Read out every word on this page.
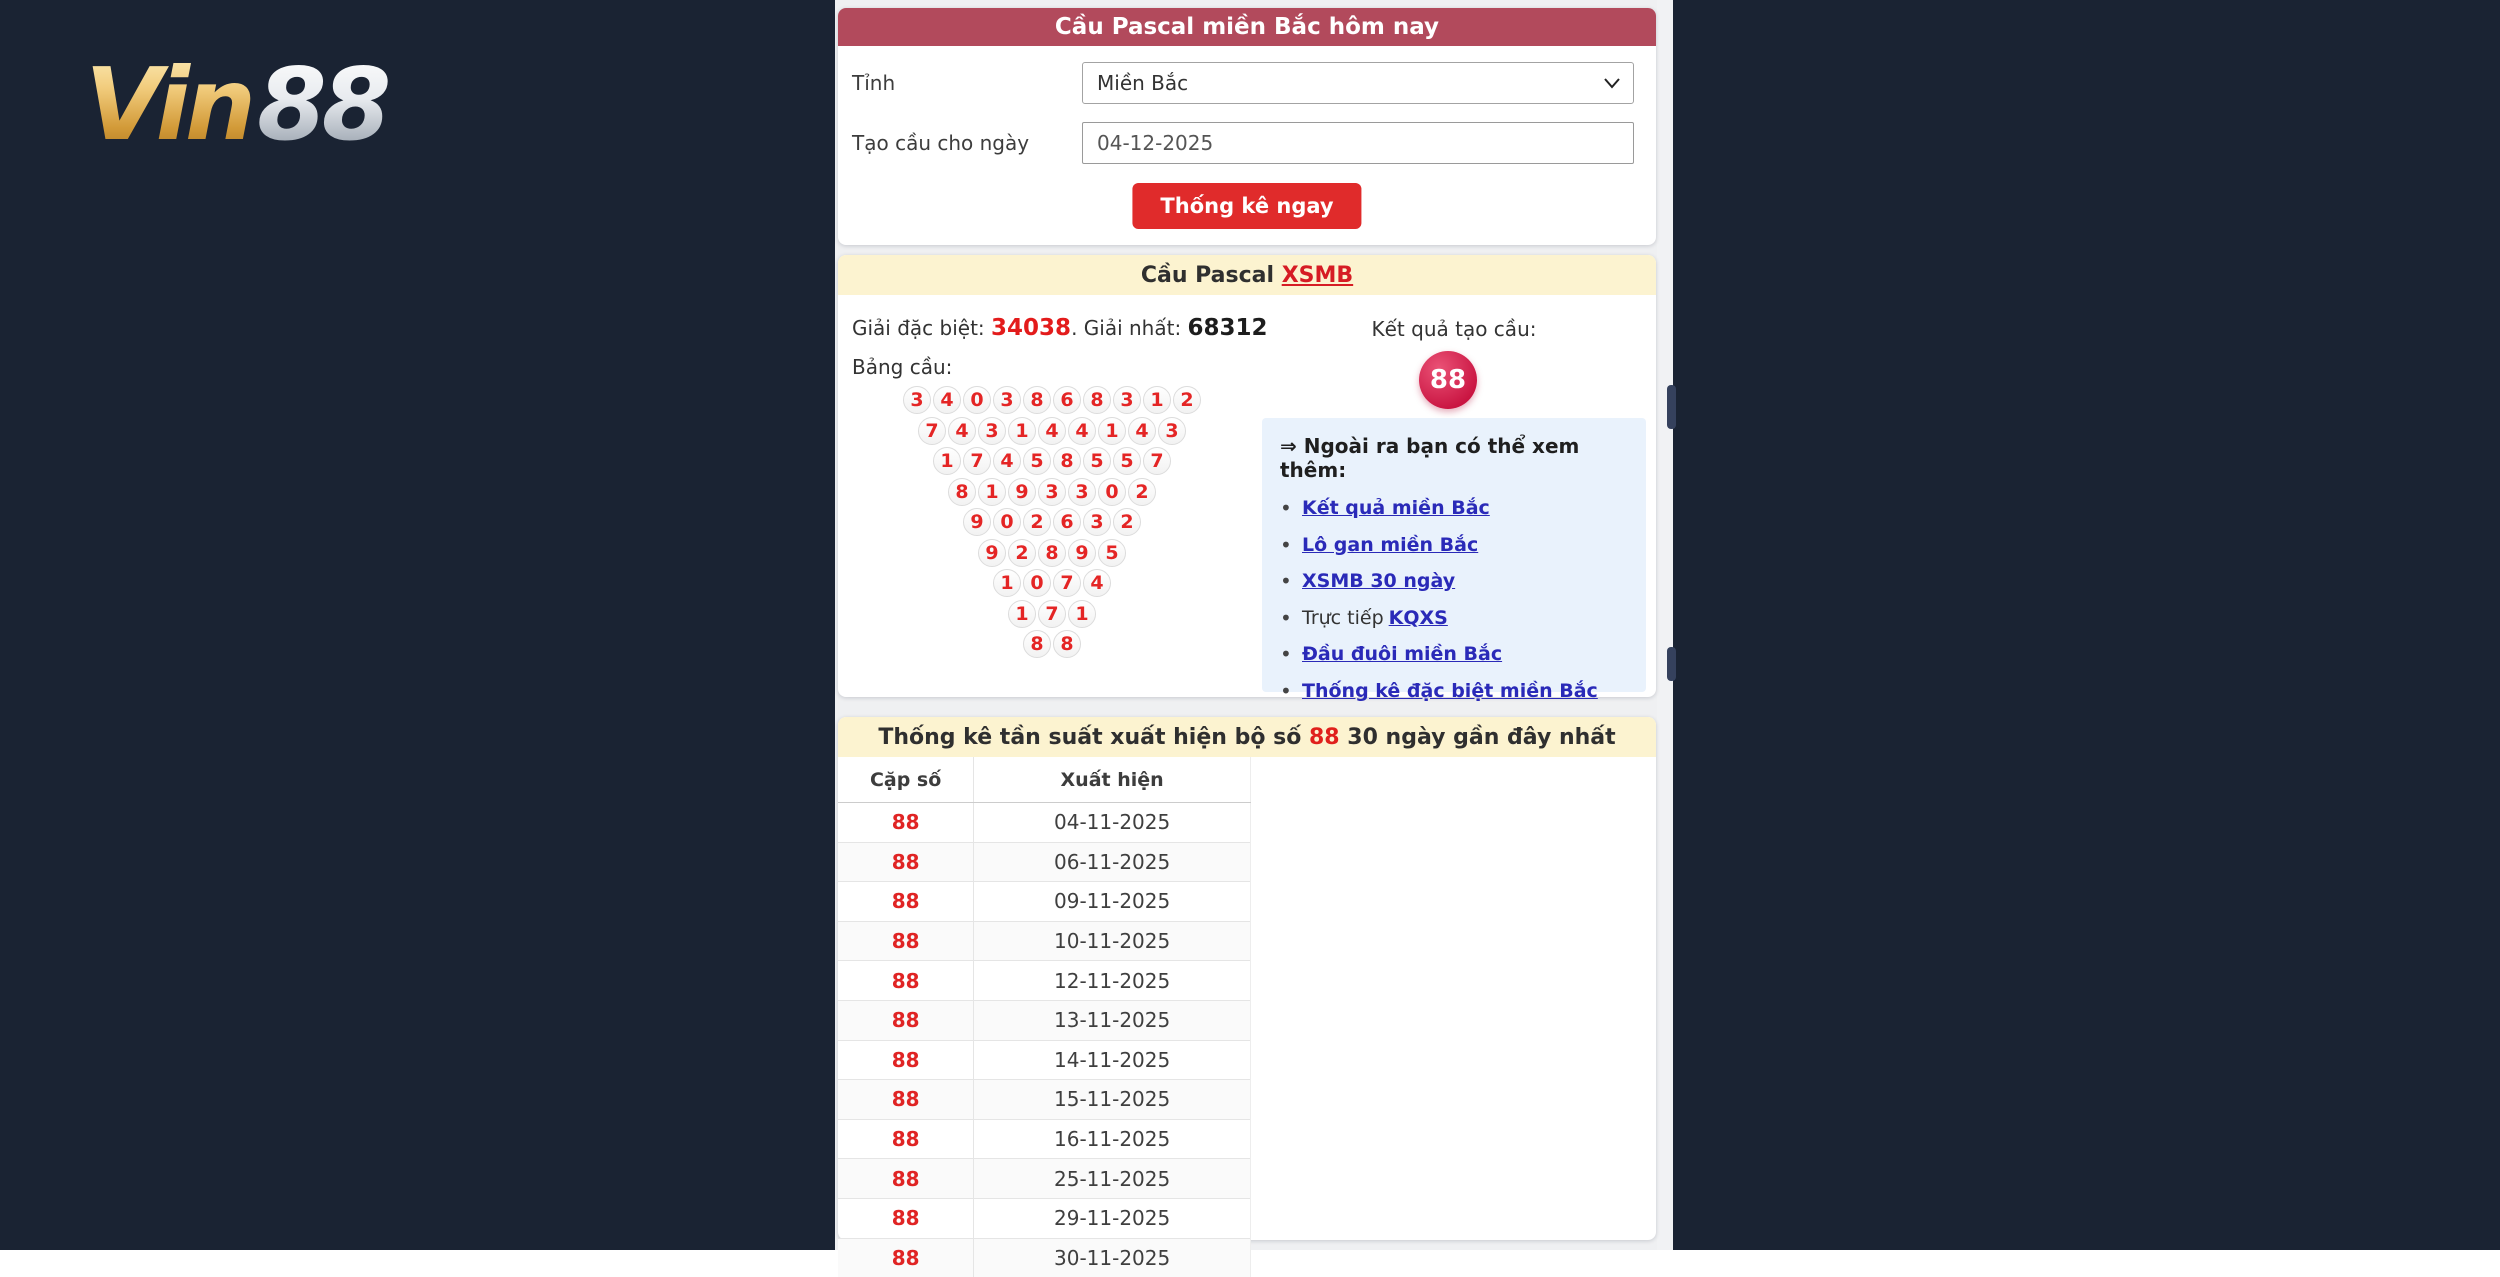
Vin88
Cầu Pascal miền Bắc hôm nay
Tỉnh
Miền Bắc
Tạo cầu cho ngày
04-12-2025
Thống kê ngay
Cầu Pascal XSMB
Giải đặc biệt: 34038. Giải nhất: 68312
Bảng cầu:
3 4 0 3 8 6 8 3 1 2
7 4 3 1 4 4 1 4 3
1 7 4 5 8 5 5 7
8 1 9 3 3 0 2
9 0 2 6 3 2
9 2 8 9 5
1 0 7 4
1 7 1
8 8
Kết quả tạo cầu:
88
⇒ Ngoài ra bạn có thể xem thêm:
• Kết quả miền Bắc
• Lô gan miền Bắc
• XSMB 30 ngày
• Trực tiếp KQXS
• Đầu đuôi miền Bắc
• Thống kê đặc biệt miền Bắc
Thống kê tần suất xuất hiện bộ số 88 30 ngày gần đây nhất
Cặp số	Xuất hiện
88	04-11-2025
88	06-11-2025
88	09-11-2025
88	10-11-2025
88	12-11-2025
88	13-11-2025
88	14-11-2025
88	15-11-2025
88	16-11-2025
88	25-11-2025
88	29-11-2025
88	30-11-2025
